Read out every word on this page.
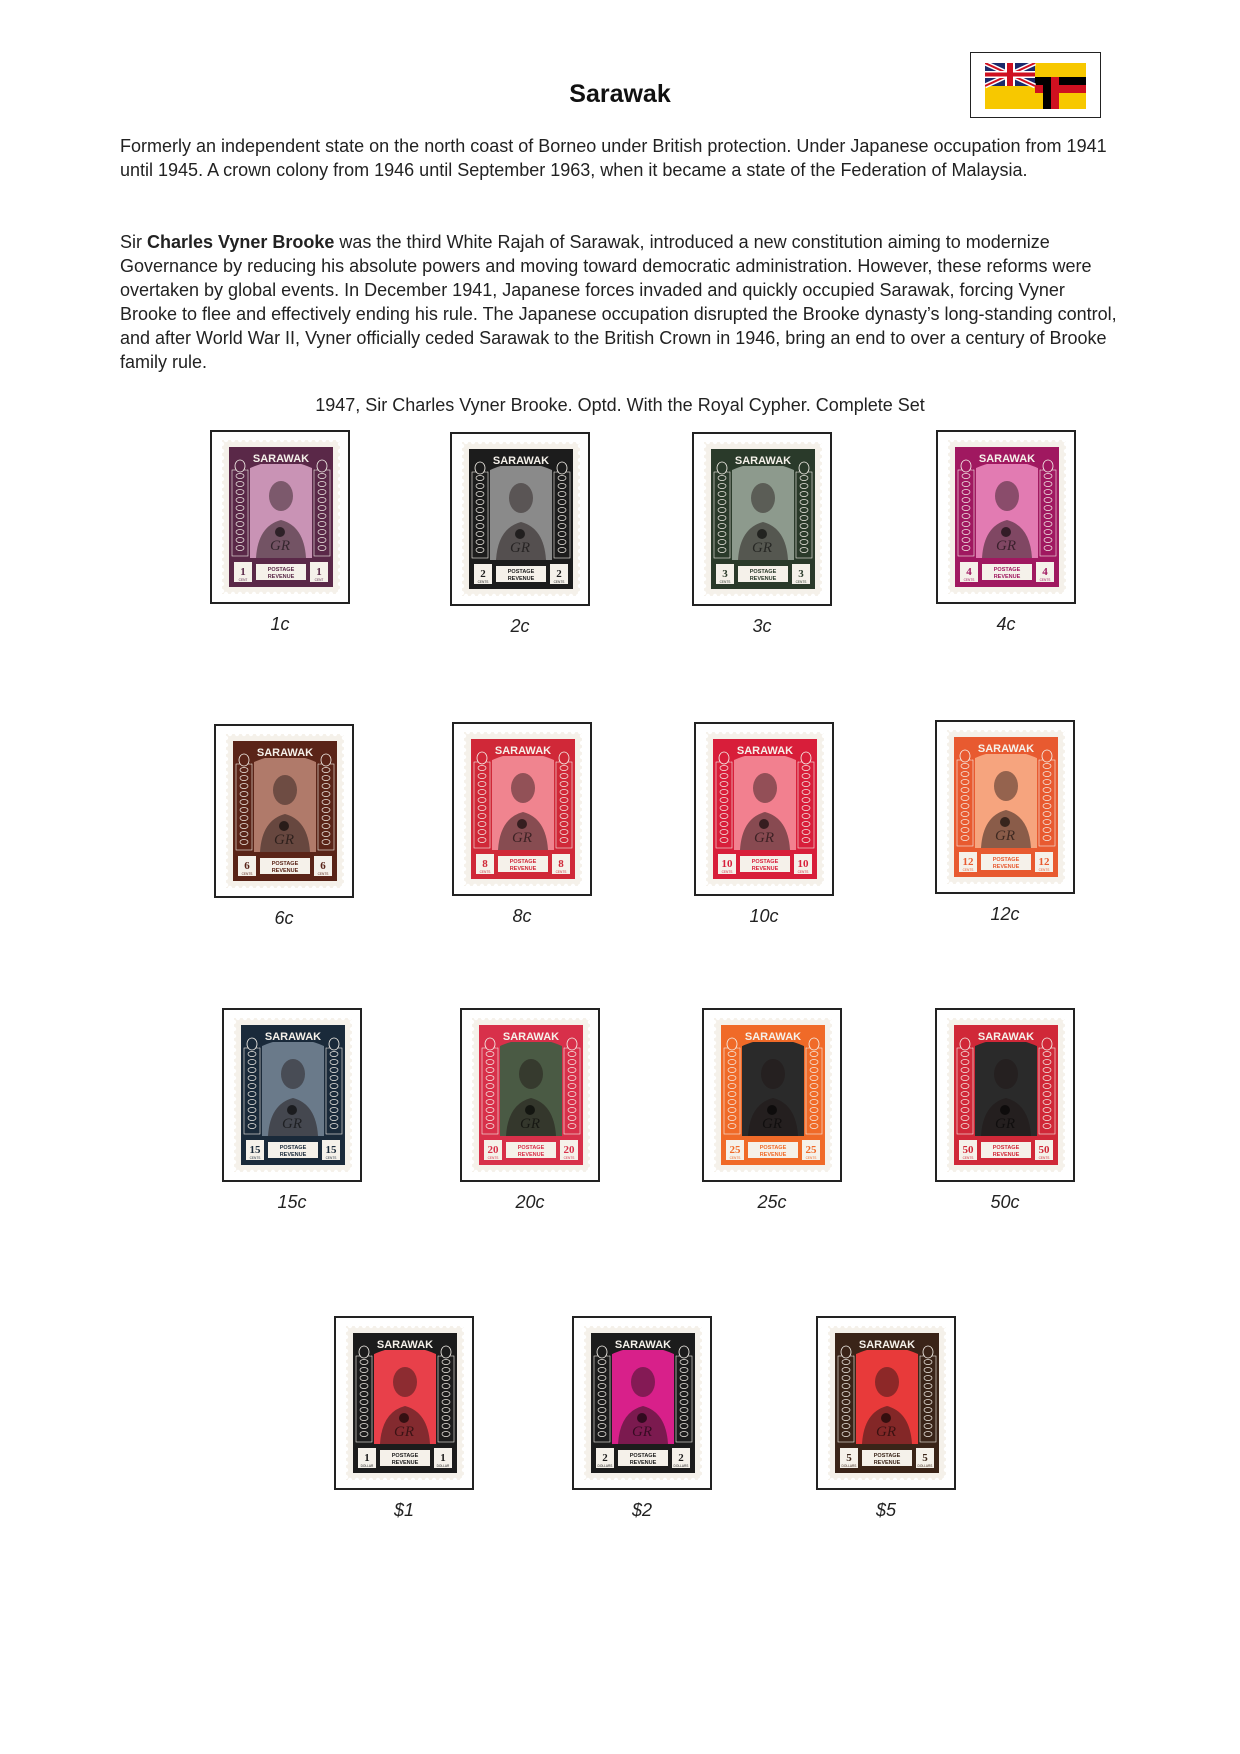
Sarawak

Formerly an independent state on the north coast of Borneo under British protection. Under Japanese occupation from 1941 until 1945. A crown colony from 1946 until September 1963, when it became a state of the Federation of Malaysia.

Sir Charles Vyner Brooke was the third White Rajah of Sarawak, introduced a new constitution aiming to modernize Governance by reducing his absolute powers and moving toward democratic administration. However, these reforms were overtaken by global events. In December 1941, Japanese forces invaded and quickly occupied Sarawak, forcing Vyner Brooke to flee and effectively ending his rule. The Japanese occupation disrupted the Brooke dynasty’s long-standing control, and after World War II, Vyner officially ceded Sarawak to the British Crown in 1946, bring an end to over a century of Brooke family rule.

1947, Sir Charles Vyner Brooke. Optd. With the Royal Cypher. Complete Set
GR
SARAWAK
1
CENT
1
CENT
POSTAGE
REVENUE
1c
GR
SARAWAK
2
CENTS
2
CENTS
POSTAGE
REVENUE
2c
GR
SARAWAK
3
CENTS
3
CENTS
POSTAGE
REVENUE
3c
GR
SARAWAK
4
CENTS
4
CENTS
POSTAGE
REVENUE
4c
GR
SARAWAK
6
CENTS
6
CENTS
POSTAGE
REVENUE
6c
GR
SARAWAK
8
CENTS
8
CENTS
POSTAGE
REVENUE
8c
GR
SARAWAK
10
CENTS
10
CENTS
POSTAGE
REVENUE
10c
GR
SARAWAK
12
CENTS
12
CENTS
POSTAGE
REVENUE
12c
GR
SARAWAK
15
CENTS
15
CENTS
POSTAGE
REVENUE
15c
GR
SARAWAK
20
CENTS
20
CENTS
POSTAGE
REVENUE
20c
GR
SARAWAK
25
CENTS
25
CENTS
POSTAGE
REVENUE
25c
GR
SARAWAK
50
CENTS
50
CENTS
POSTAGE
REVENUE
50c
GR
SARAWAK
1
DOLLAR
1
DOLLAR
POSTAGE
REVENUE
$1
GR
SARAWAK
2
DOLLARS
2
DOLLARS
POSTAGE
REVENUE
$2
GR
SARAWAK
5
DOLLARS
5
DOLLARS
POSTAGE
REVENUE
$5
